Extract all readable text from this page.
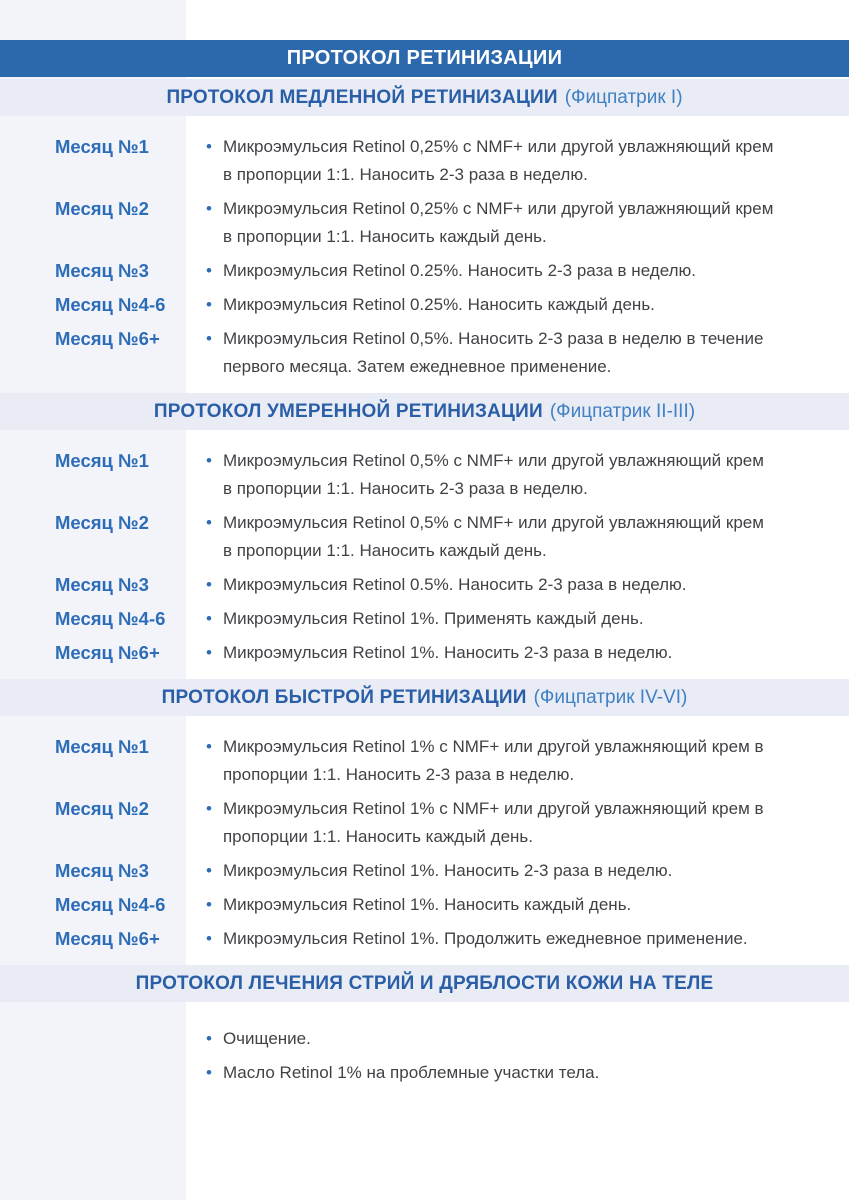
ПРОТОКОЛ РЕТИНИЗАЦИИ
ПРОТОКОЛ МЕДЛЕННОЙ РЕТИНИЗАЦИИ (Фицпатрик I)
Месяц №1	• Микроэмульсия Retinol 0,25% с NMF+ или другой увлажняющий крем в пропорции 1:1. Наносить 2-3 раза в неделю.
Месяц №2	• Микроэмульсия Retinol 0,25% с NMF+ или другой увлажняющий крем в пропорции 1:1. Наносить каждый день.
Месяц №3	• Микроэмульсия Retinol 0.25%. Наносить 2-3 раза в неделю.
Месяц №4-6	• Микроэмульсия Retinol 0.25%. Наносить каждый день.
Месяц №6+	• Микроэмульсия Retinol 0,5%. Наносить 2-3 раза в неделю в течение первого месяца. Затем ежедневное применение.
ПРОТОКОЛ УМЕРЕННОЙ РЕТИНИЗАЦИИ (Фицпатрик II-III)
Месяц №1	• Микроэмульсия Retinol 0,5% с NMF+ или другой увлажняющий крем в пропорции 1:1. Наносить 2-3 раза в неделю.
Месяц №2	• Микроэмульсия Retinol 0,5% с NMF+ или другой увлажняющий крем в пропорции 1:1. Наносить каждый день.
Месяц №3	• Микроэмульсия Retinol 0.5%. Наносить 2-3 раза в неделю.
Месяц №4-6	• Микроэмульсия Retinol 1%. Применять каждый день.
Месяц №6+	• Микроэмульсия Retinol 1%. Наносить 2-3 раза в неделю.
ПРОТОКОЛ БЫСТРОЙ РЕТИНИЗАЦИИ (Фицпатрик IV-VI)
Месяц №1	• Микроэмульсия Retinol 1% с NMF+ или другой увлажняющий крем в пропорции 1:1. Наносить 2-3 раза в неделю.
Месяц №2	• Микроэмульсия Retinol 1% с NMF+ или другой увлажняющий крем в пропорции 1:1. Наносить каждый день.
Месяц №3	• Микроэмульсия Retinol 1%. Наносить 2-3 раза в неделю.
Месяц №4-6	• Микроэмульсия Retinol 1%. Наносить каждый день.
Месяц №6+	• Микроэмульсия Retinol 1%. Продолжить ежедневное применение.
ПРОТОКОЛ ЛЕЧЕНИЯ СТРИЙ И ДРЯБЛОСТИ КОЖИ НА ТЕЛЕ
• Очищение.
• Масло Retinol 1% на проблемные участки тела.
